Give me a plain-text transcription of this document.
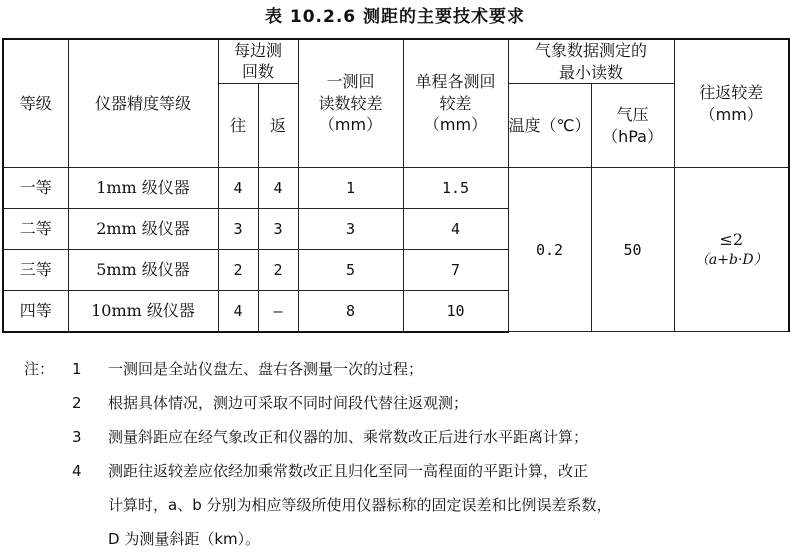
表 10.2.6 测距的主要技术要求
等级	仪器精度等级	每边测回数		一测回
读数较差
（mm）	单程各测回
较差
（mm）	气象数据测定的
最小读数		往返较差
（mm）

		往	返			温度（℃）	气压
（hPa）	

一等	1mm 级仪器	4	4	1	1.5	0.2	50	≤2
（a+b·D）

二等	2mm 级仪器	3	3	3	4			
三等	5mm 级仪器	2	2	5	7			
四等	10mm 级仪器	4	—	8	10			
注：	1	一测回是全站仪盘左、盘右各测量一次的过程；
2	根据具体情况，测边可采取不同时间段代替往返观测；
3	测量斜距应在经气象改正和仪器的加、乘常数改正后进行水平距离计算；
4	测距往返较差应依经加乘常数改正且归化至同一高程面的平距计算，改正
计算时，a、b 分别为相应等级所使用仪器标称的固定误差和比例误差系数，
D 为测量斜距（km）。
